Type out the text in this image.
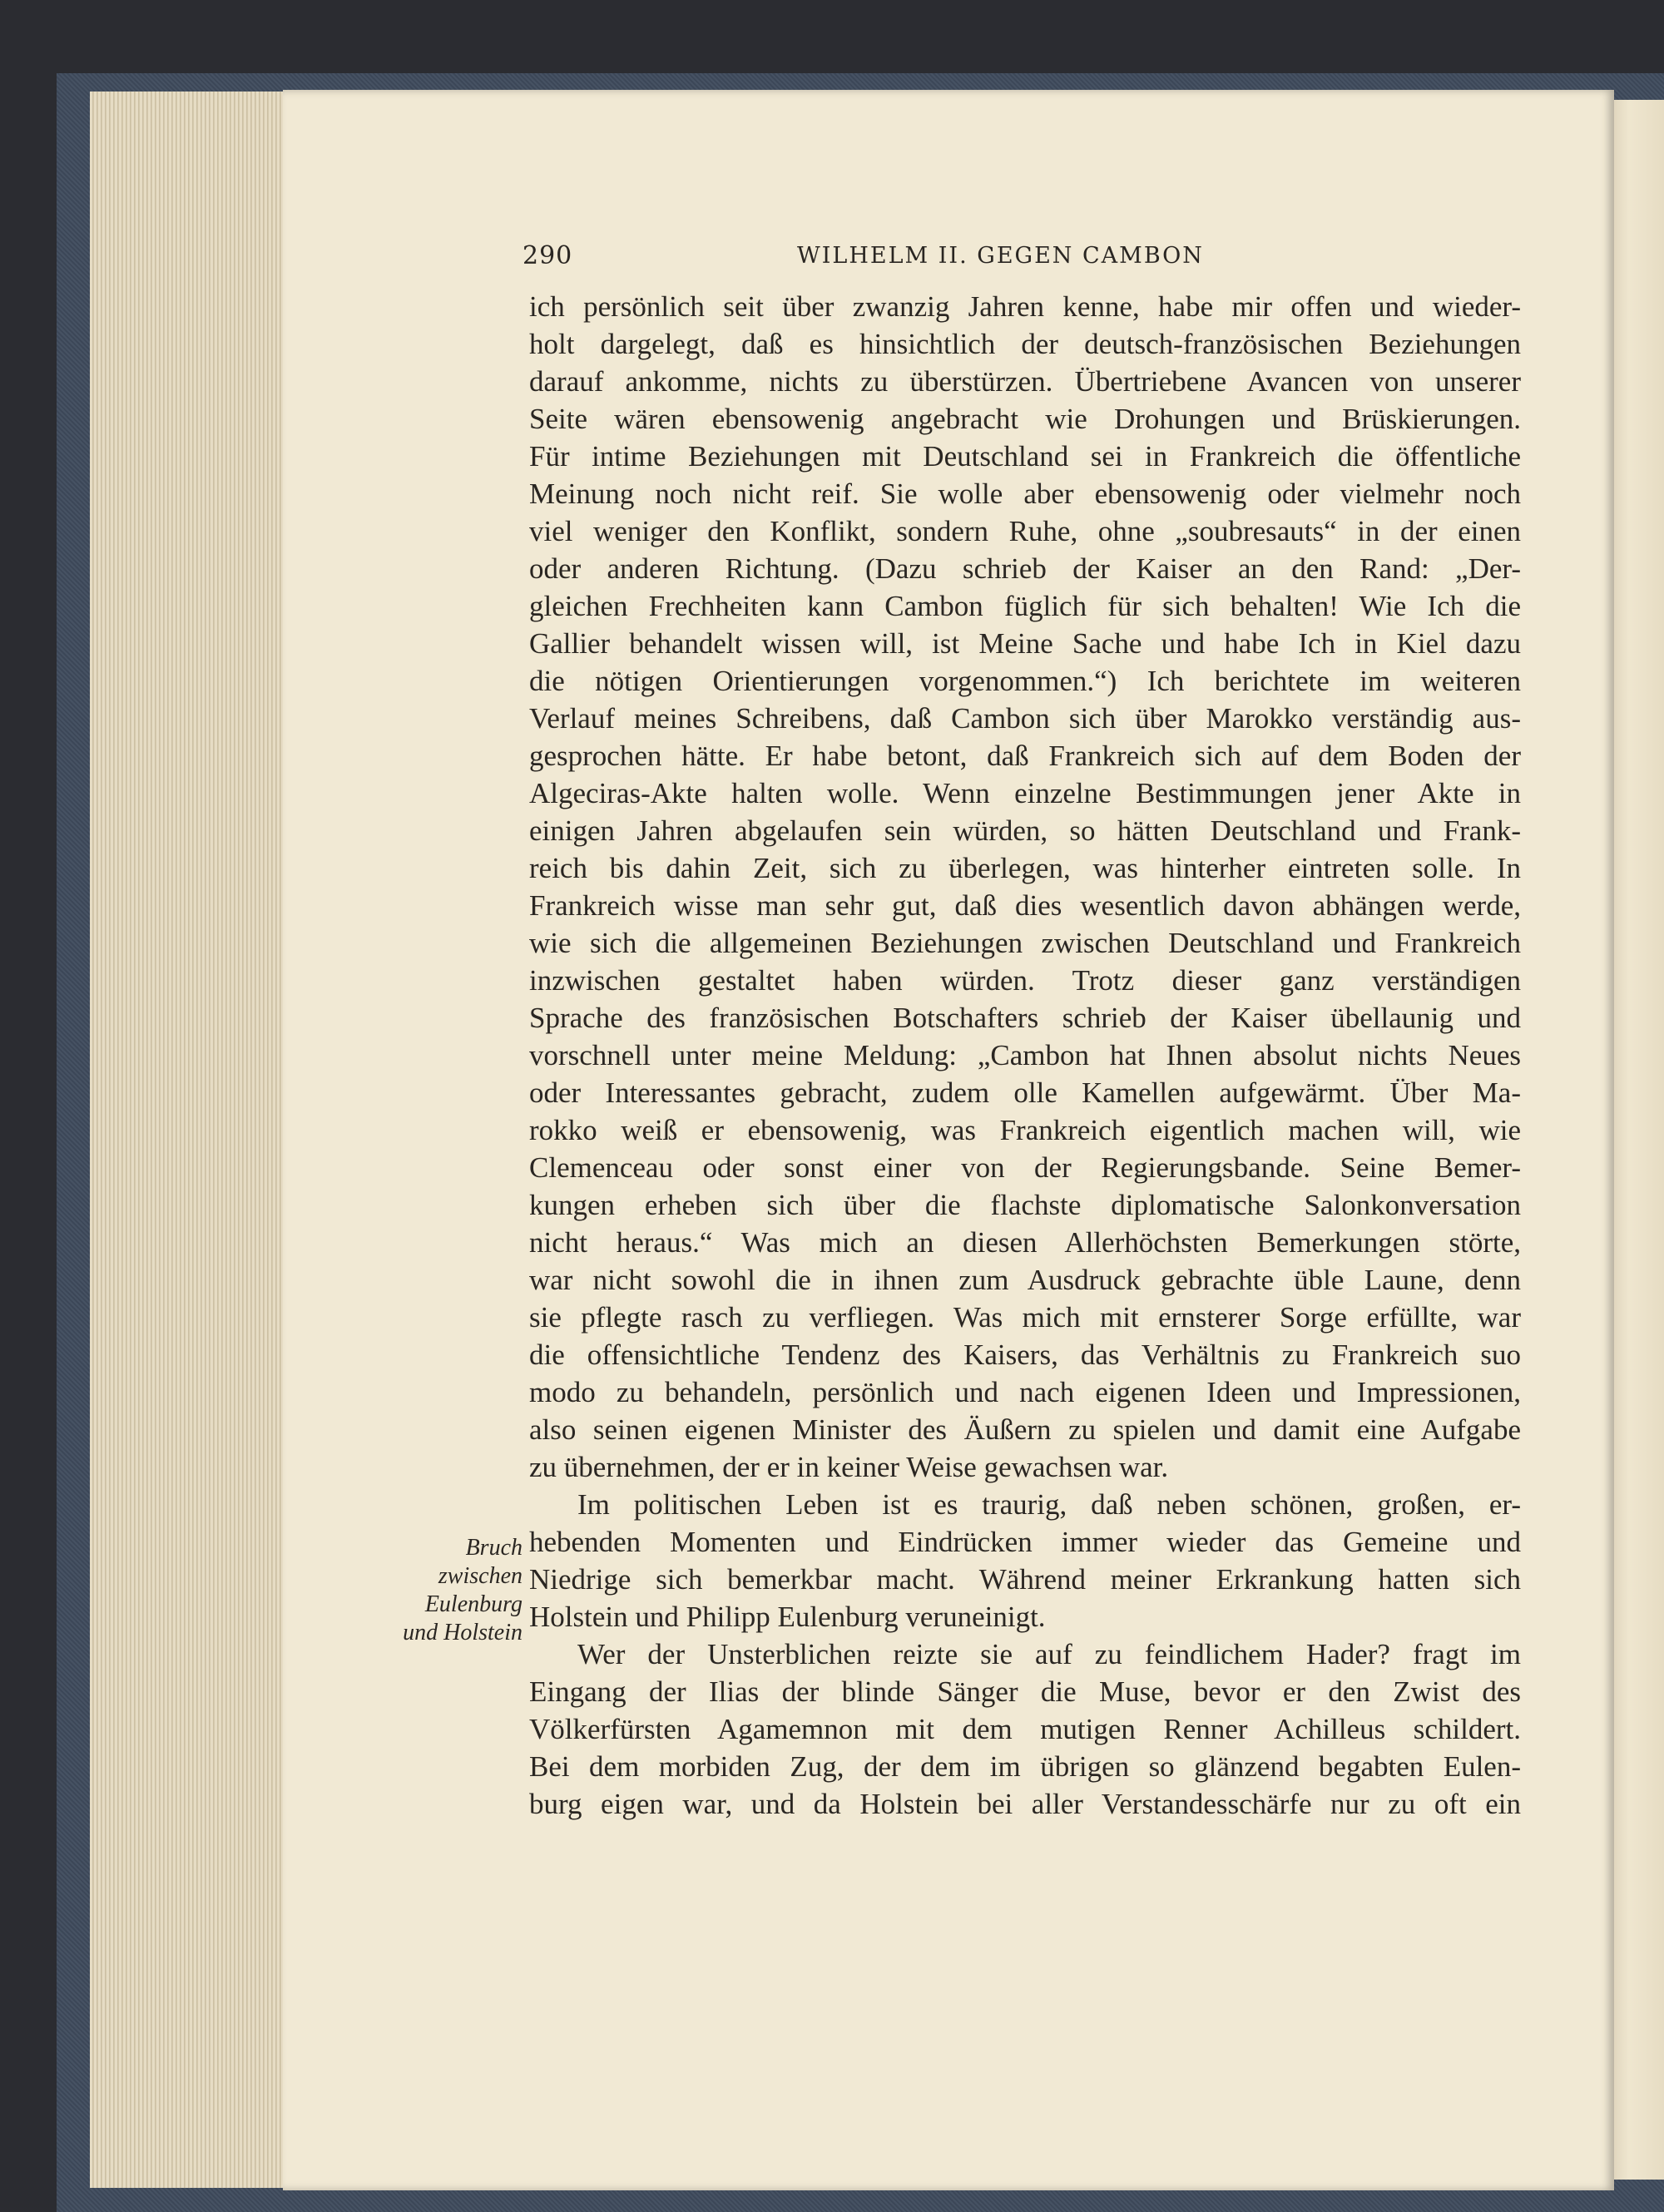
290	WILHELM II. GEGEN CAMBON
Bruch
zwischen
Eulenburg
und Holstein
ich persönlich seit über zwanzig Jahren kenne, habe mir offen und wieder-
holt dargelegt, daß es hinsichtlich der deutsch-französischen Beziehungen
darauf ankomme, nichts zu überstürzen. Übertriebene Avancen von unserer
Seite wären ebensowenig angebracht wie Drohungen und Brüskierungen.
Für intime Beziehungen mit Deutschland sei in Frankreich die öffentliche
Meinung noch nicht reif. Sie wolle aber ebensowenig oder vielmehr noch
viel weniger den Konflikt, sondern Ruhe, ohne „soubresauts“ in der einen
oder anderen Richtung. (Dazu schrieb der Kaiser an den Rand: „Der-
gleichen Frechheiten kann Cambon füglich für sich behalten! Wie Ich die
Gallier behandelt wissen will, ist Meine Sache und habe Ich in Kiel dazu
die nötigen Orientierungen vorgenommen.“) Ich berichtete im weiteren
Verlauf meines Schreibens, daß Cambon sich über Marokko verständig aus-
gesprochen hätte. Er habe betont, daß Frankreich sich auf dem Boden der
Algeciras-Akte halten wolle. Wenn einzelne Bestimmungen jener Akte in
einigen Jahren abgelaufen sein würden, so hätten Deutschland und Frank-
reich bis dahin Zeit, sich zu überlegen, was hinterher eintreten solle. In
Frankreich wisse man sehr gut, daß dies wesentlich davon abhängen werde,
wie sich die allgemeinen Beziehungen zwischen Deutschland und Frankreich
inzwischen gestaltet haben würden. Trotz dieser ganz verständigen
Sprache des französischen Botschafters schrieb der Kaiser übellaunig und
vorschnell unter meine Meldung: „Cambon hat Ihnen absolut nichts Neues
oder Interessantes gebracht, zudem olle Kamellen aufgewärmt. Über Ma-
rokko weiß er ebensowenig, was Frankreich eigentlich machen will, wie
Clemenceau oder sonst einer von der Regierungsbande. Seine Bemer-
kungen erheben sich über die flachste diplomatische Salonkonversation
nicht heraus.“ Was mich an diesen Allerhöchsten Bemerkungen störte,
war nicht sowohl die in ihnen zum Ausdruck gebrachte üble Laune, denn
sie pflegte rasch zu verfliegen. Was mich mit ernsterer Sorge erfüllte, war
die offensichtliche Tendenz des Kaisers, das Verhältnis zu Frankreich suo
modo zu behandeln, persönlich und nach eigenen Ideen und Impressionen,
also seinen eigenen Minister des Äußern zu spielen und damit eine Aufgabe
zu übernehmen, der er in keiner Weise gewachsen war.
Im politischen Leben ist es traurig, daß neben schönen, großen, er-
hebenden Momenten und Eindrücken immer wieder das Gemeine und
Niedrige sich bemerkbar macht. Während meiner Erkrankung hatten sich
Holstein und Philipp Eulenburg veruneinigt.
Wer der Unsterblichen reizte sie auf zu feindlichem Hader? fragt im
Eingang der Ilias der blinde Sänger die Muse, bevor er den Zwist des
Völkerfürsten Agamemnon mit dem mutigen Renner Achilleus schildert.
Bei dem morbiden Zug, der dem im übrigen so glänzend begabten Eulen-
burg eigen war, und da Holstein bei aller Verstandesschärfe nur zu oft ein
